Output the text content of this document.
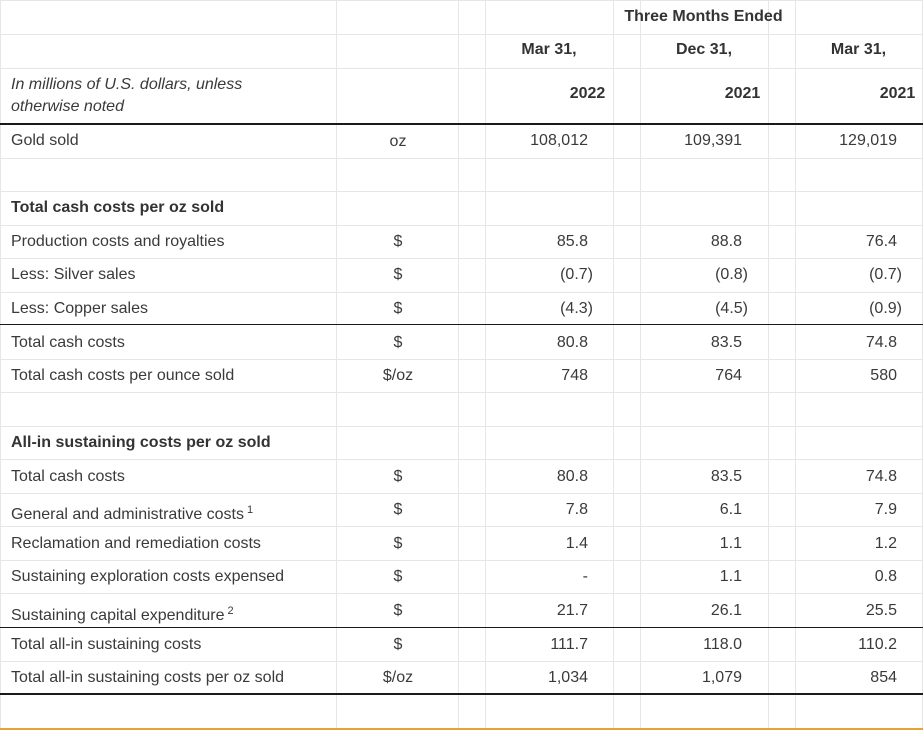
Three Months Ended
Mar 31,	Dec 31,	Mar 31,
2022	2021	2021
In millions of U.S. dollars, unless otherwise noted
Gold sold	oz	108,012	109,391	129,019
Total cash costs per oz sold
Production costs and royalties	$	85.8	88.8	76.4
Less: Silver sales	$	(0.7)	(0.8)	(0.7)
Less: Copper sales	$	(4.3)	(4.5)	(0.9)
Total cash costs	$	80.8	83.5	74.8
Total cash costs per ounce sold	$/oz	748	764	580
All-in sustaining costs per oz sold
Total cash costs	$	80.8	83.5	74.8
General and administrative costs $^1$	$	7.8	6.1	7.9
Reclamation and remediation costs	$	1.4	1.1	1.2
Sustaining exploration costs expensed	$	-	1.1	0.8
Sustaining capital expenditure $^2$	$	21.7	26.1	25.5
Total all-in sustaining costs	$	111.7	118.0	110.2
Total all-in sustaining costs per oz sold	$/oz	1,034	1,079	854
